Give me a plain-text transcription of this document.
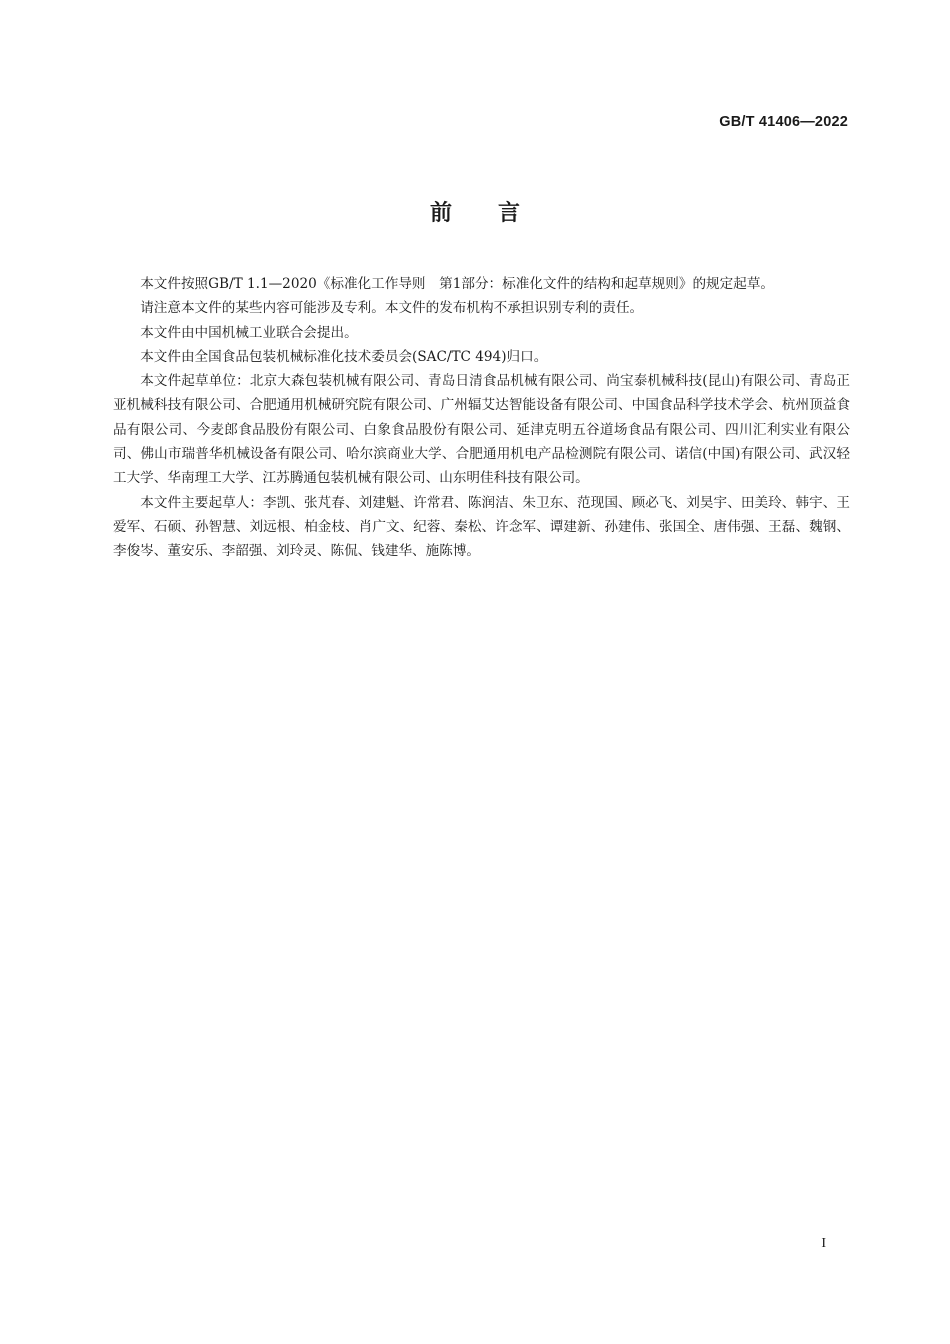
GB/T 41406—2022
前 言

本文件按照GB/T 1.1—2020《标准化工作导则　第1部分：标准化文件的结构和起草规则》的规定起草。

请注意本文件的某些内容可能涉及专利。本文件的发布机构不承担识别专利的责任。

本文件由中国机械工业联合会提出。

本文件由全国食品包装机械标准化技术委员会(SAC/TC 494)归口。

本文件起草单位：北京大森包装机械有限公司、青岛日清食品机械有限公司、尚宝泰机械科技(昆山)有限公司、青岛正亚机械科技有限公司、合肥通用机械研究院有限公司、广州辐艾达智能设备有限公司、中国食品科学技术学会、杭州顶益食品有限公司、今麦郎食品股份有限公司、白象食品股份有限公司、延津克明五谷道场食品有限公司、四川汇利实业有限公司、佛山市瑞普华机械设备有限公司、哈尔滨商业大学、合肥通用机电产品检测院有限公司、诺信(中国)有限公司、武汉轻工大学、华南理工大学、江苏腾通包装机械有限公司、山东明佳科技有限公司。

本文件主要起草人：李凯、张芃春、刘建魁、许常君、陈润洁、朱卫东、范现国、顾必飞、刘昊宇、田美玲、韩宇、王爱军、石硕、孙智慧、刘远根、柏金枝、肖广文、纪蓉、秦松、许念军、谭建新、孙建伟、张国全、唐伟强、王磊、魏钢、李俊岑、董安乐、李韶强、刘玲灵、陈侃、钱建华、施陈博。

I
